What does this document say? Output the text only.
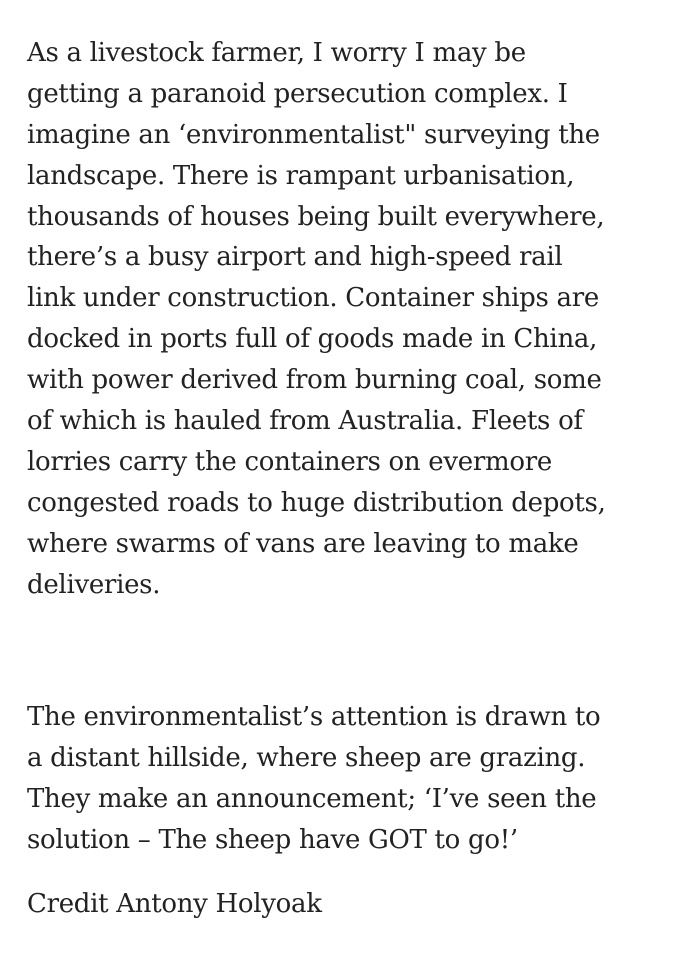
As a livestock farmer, I worry I may be
getting a paranoid persecution complex. I
imagine an ‘environmentalist" surveying the
landscape. There is rampant urbanisation,
thousands of houses being built everywhere,
there’s a busy airport and high-speed rail
link under construction. Container ships are
docked in ports full of goods made in China,
with power derived from burning coal, some
of which is hauled from Australia. Fleets of
lorries carry the containers on evermore
congested roads to huge distribution depots,
where swarms of vans are leaving to make
deliveries.

The environmentalist’s attention is drawn to
a distant hillside, where sheep are grazing.
They make an announcement; ‘I’ve seen the
solution – The sheep have GOT to go!’

Credit Antony Holyoak
